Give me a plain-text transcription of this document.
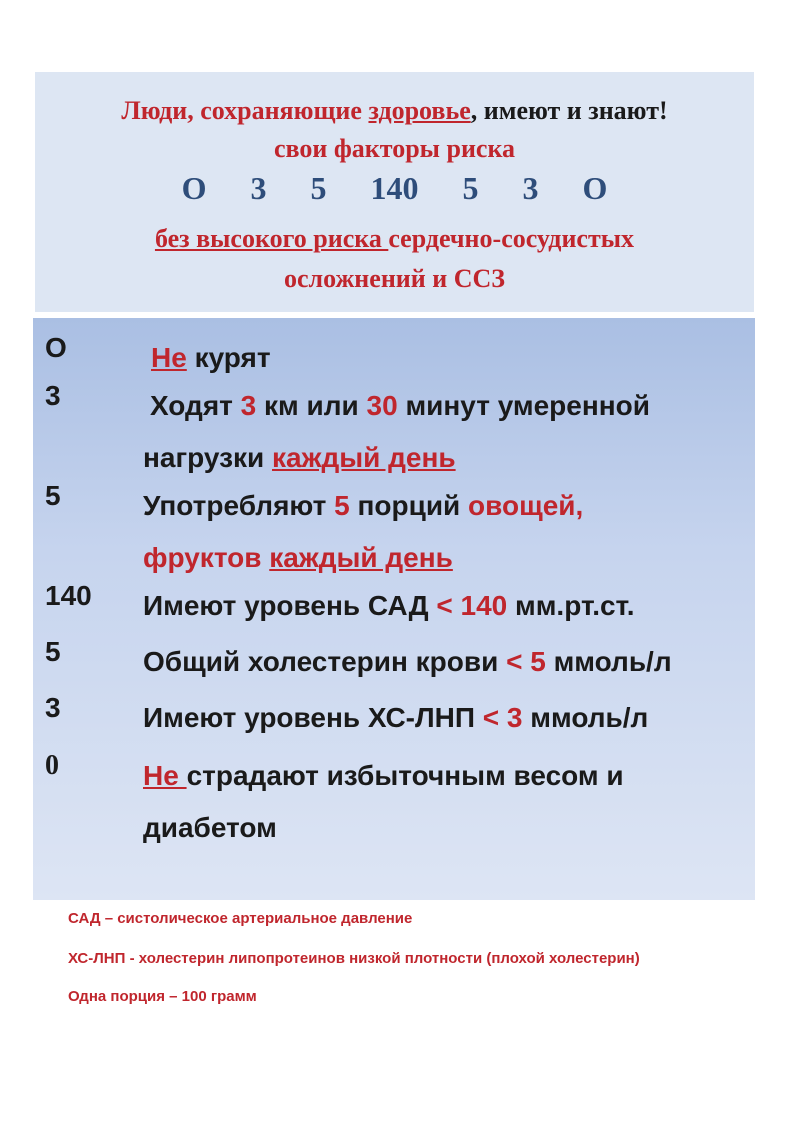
Люди, сохраняющие здоровье, имеют и знают!
свои факторы риска
О 3 5 140 5 3 О
без высокого риска сердечно-сосудистых
осложнений и ССЗ
О	Не курят
3	Ходят 3 км или 30 минут умеренной
нагрузки каждый день
5	Употребляют 5 порций овощей,
фруктов каждый день
140 Имеют уровень САД < 140 мм.рт.ст.
5	Общий холестерин крови < 5 ммоль/л
3	Имеют уровень ХС-ЛНП < 3 ммоль/л
0	Не страдают избыточным весом и
диабетом
САД – систолическое артериальное давление
ХС-ЛНП - холестерин липопротеинов низкой плотности (плохой холестерин)
Одна порция – 100 грамм
